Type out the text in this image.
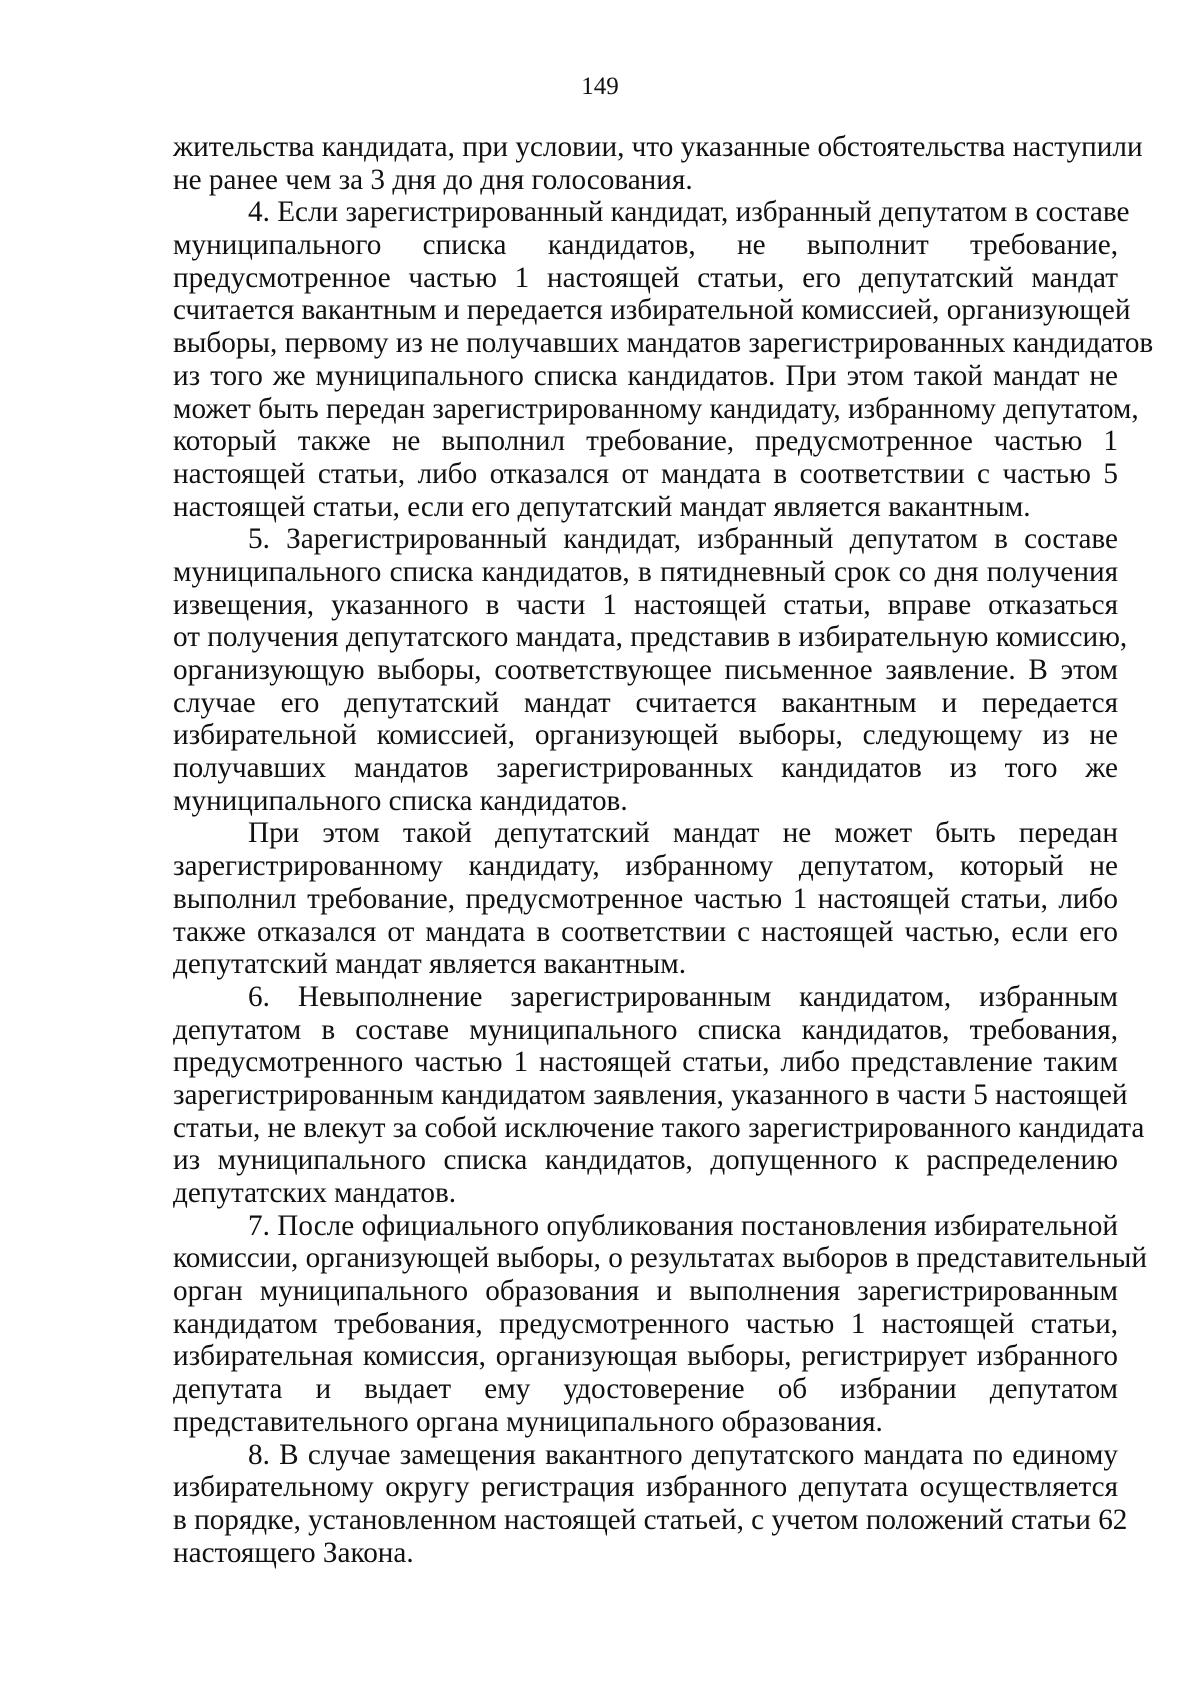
149
жительства кандидата, при условии, что указанные обстоятельства наступили
не ранее чем за 3 дня до дня голосования.
4. Если зарегистрированный кандидат, избранный депутатом в составе
муниципального списка кандидатов, не выполнит требование,
предусмотренное частью 1 настоящей статьи, его депутатский мандат
считается вакантным и передается избирательной комиссией, организующей
выборы, первому из не получавших мандатов зарегистрированных кандидатов
из того же муниципального списка кандидатов. При этом такой мандат не
может быть передан зарегистрированному кандидату, избранному депутатом,
который также не выполнил требование, предусмотренное частью 1
настоящей статьи, либо отказался от мандата в соответствии с частью 5
настоящей статьи, если его депутатский мандат является вакантным.
5. Зарегистрированный кандидат, избранный депутатом в составе
муниципального списка кандидатов, в пятидневный срок со дня получения
извещения, указанного в части 1 настоящей статьи, вправе отказаться
от получения депутатского мандата, представив в избирательную комиссию,
организующую выборы, соответствующее письменное заявление. В этом
случае его депутатский мандат считается вакантным и передается
избирательной комиссией, организующей выборы, следующему из не
получавших мандатов зарегистрированных кандидатов из того же
муниципального списка кандидатов.
При этом такой депутатский мандат не может быть передан
зарегистрированному кандидату, избранному депутатом, который не
выполнил требование, предусмотренное частью 1 настоящей статьи, либо
также отказался от мандата в соответствии с настоящей частью, если его
депутатский мандат является вакантным.
6. Невыполнение зарегистрированным кандидатом, избранным
депутатом в составе муниципального списка кандидатов, требования,
предусмотренного частью 1 настоящей статьи, либо представление таким
зарегистрированным кандидатом заявления, указанного в части 5 настоящей
статьи, не влекут за собой исключение такого зарегистрированного кандидата
из муниципального списка кандидатов, допущенного к распределению
депутатских мандатов.
7. После официального опубликования постановления избирательной
комиссии, организующей выборы, о результатах выборов в представительный
орган муниципального образования и выполнения зарегистрированным
кандидатом требования, предусмотренного частью 1 настоящей статьи,
избирательная комиссия, организующая выборы, регистрирует избранного
депутата и выдает ему удостоверение об избрании депутатом
представительного органа муниципального образования.
8. В случае замещения вакантного депутатского мандата по единому
избирательному округу регистрация избранного депутата осуществляется
в порядке, установленном настоящей статьей, с учетом положений статьи 62
настоящего Закона.
